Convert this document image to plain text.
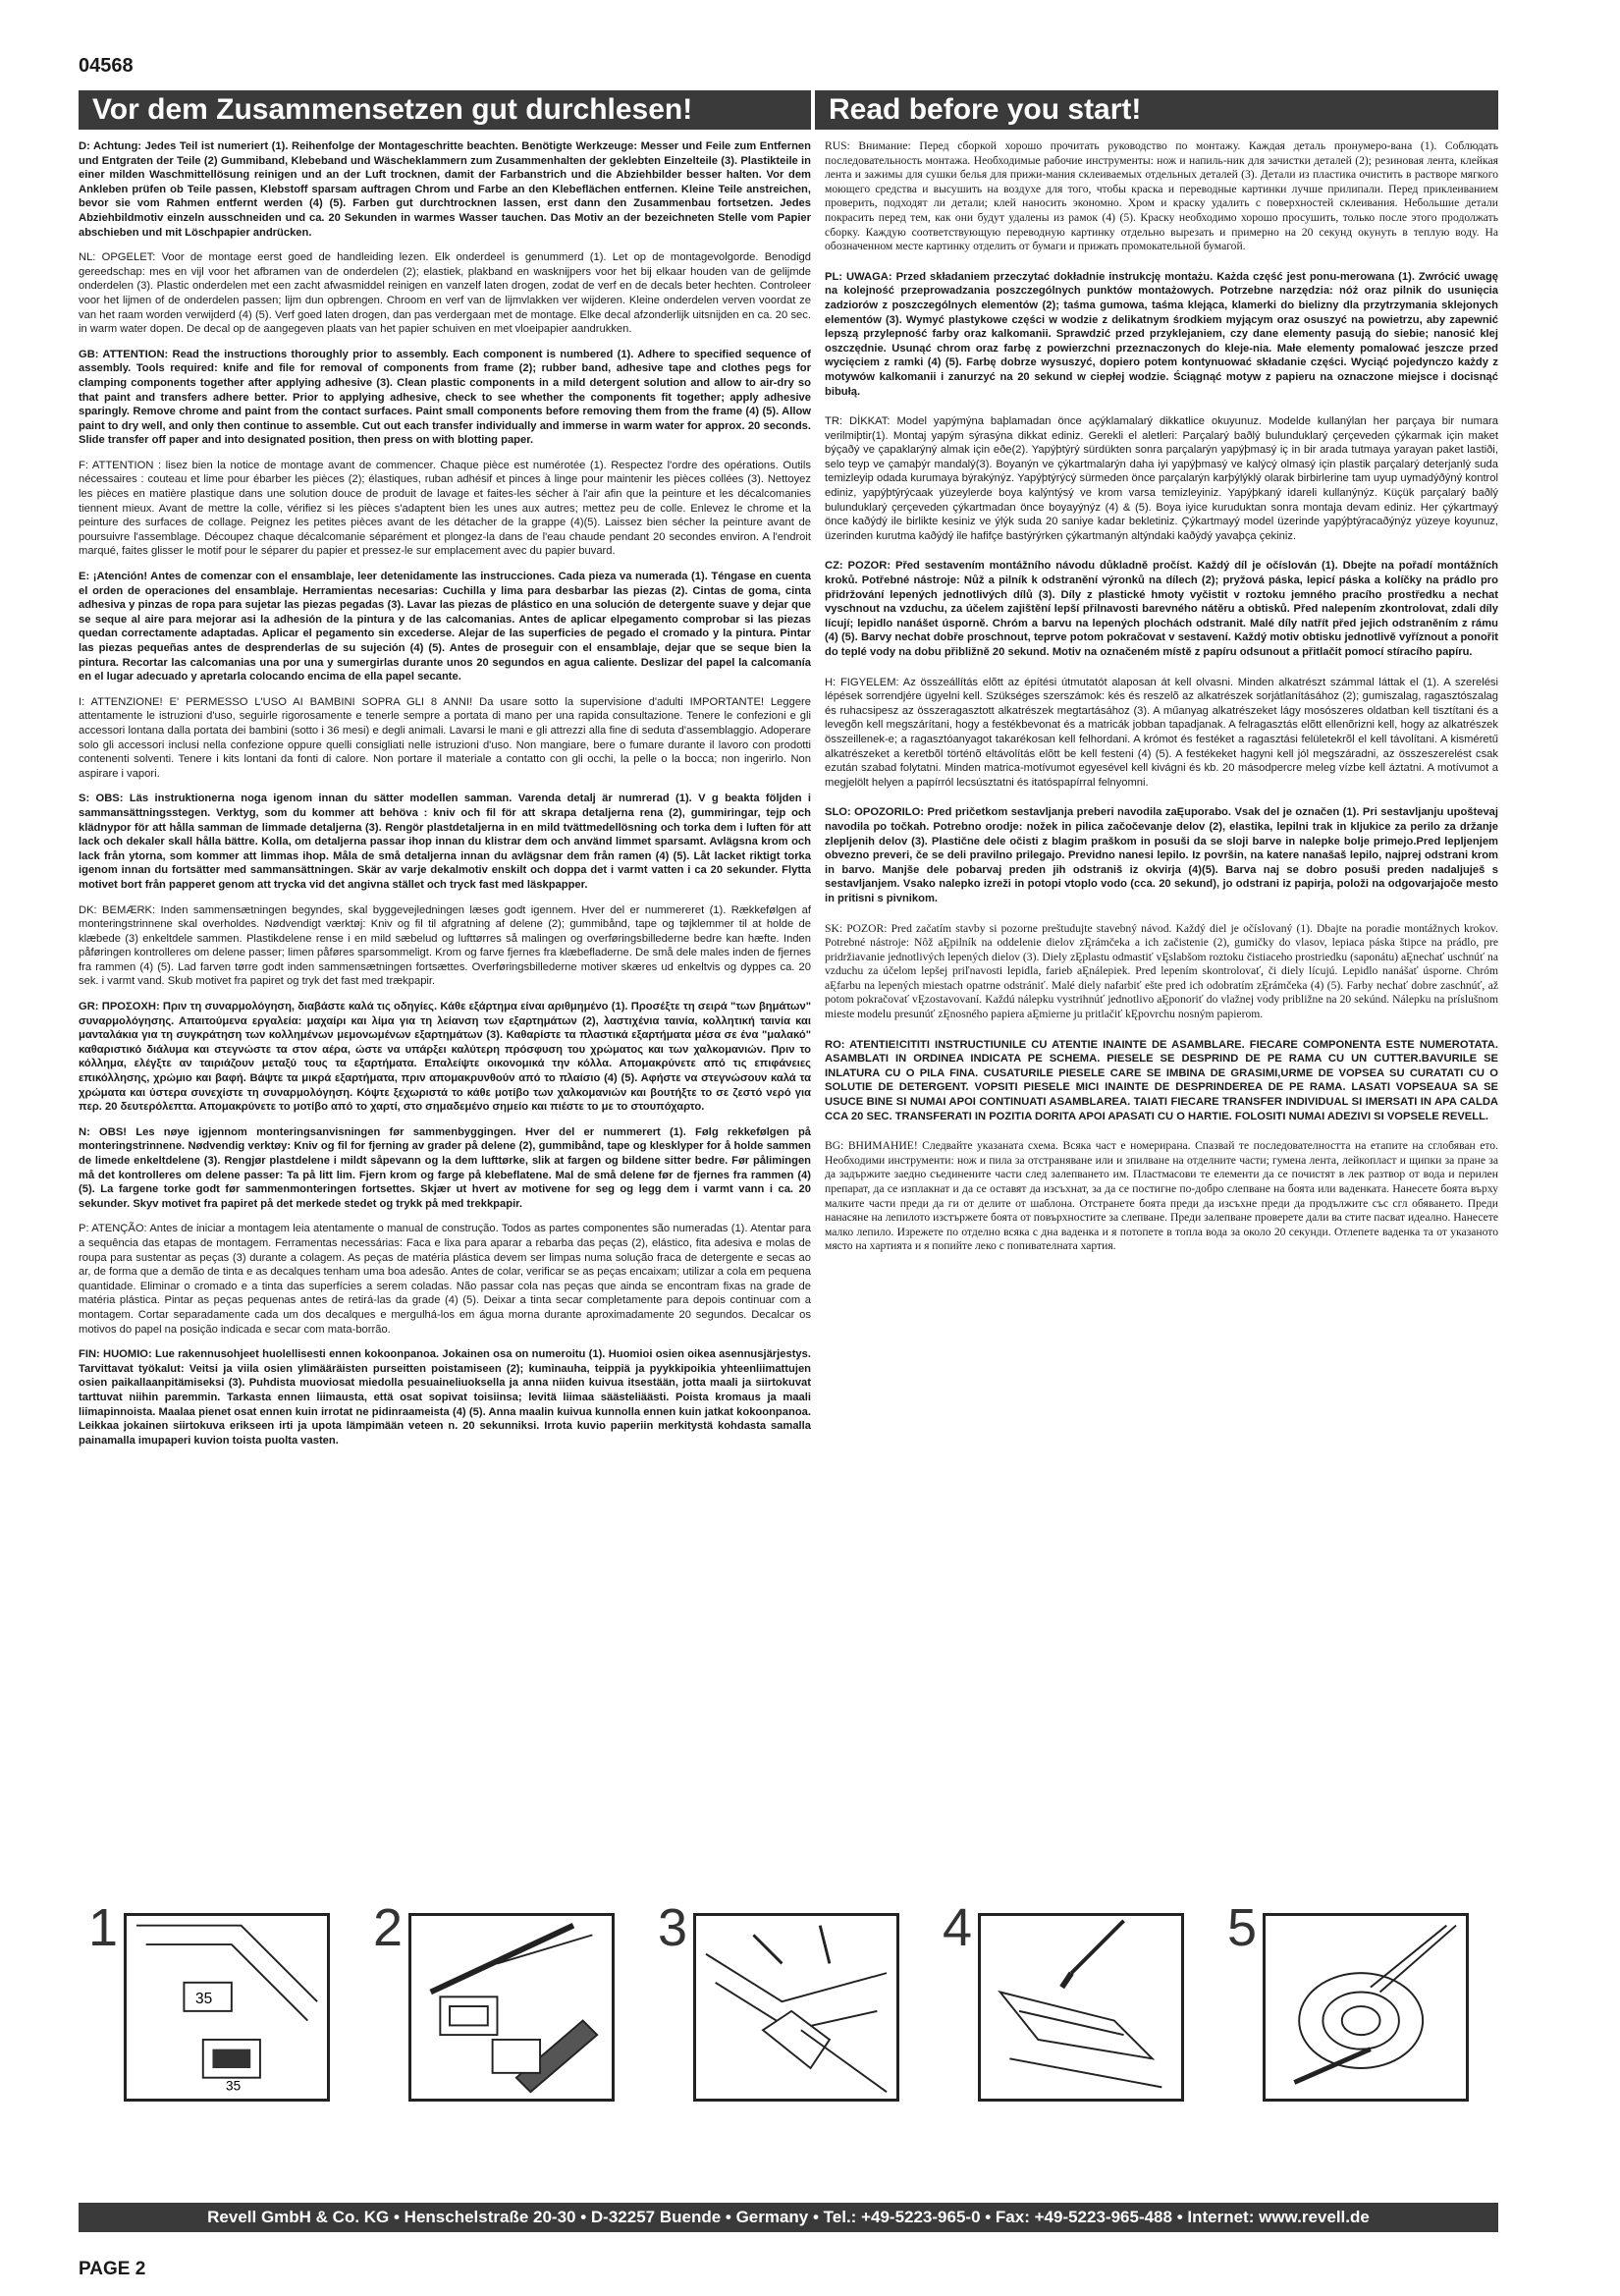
04568
Vor dem Zusammensetzen gut durchlesen!	Read before you start!

D: Achtung: Jedes Teil ist numeriert (1). Reihenfolge der Montageschritte beachten. Benötigte Werkzeuge: Messer und Feile zum Entfernen und Entgraten der Teile (2) Gummiband, Klebeband und Wäscheklammern zum Zusammenhalten der geklebten Einzelteile (3). Plastikteile in einer milden Waschmittellösung reinigen und an der Luft trocknen, damit der Farbanstrich und die Abziehbilder besser halten. Vor dem Ankleben prüfen ob Teile passen, Klebstoff sparsam auftragen Chrom und Farbe an den Klebeflächen entfernen. Kleine Teile anstreichen, bevor sie vom Rahmen entfernt werden (4) (5). Farben gut durchtrocknen lassen, erst dann den Zusammenbau fortsetzen. Jedes Abziehbildmotiv einzeln ausschneiden und ca. 20 Sekunden in warmes Wasser tauchen. Das Motiv an der bezeichneten Stelle vom Papier abschieben und mit Löschpapier andrücken.

NL: OPGELET: Voor de montage eerst goed de handleiding lezen. Elk onderdeel is genummerd (1). Let op de montagevolgorde. Benodigd gereedschap: mes en vijl voor het afbramen van de onderdelen (2); elastiek, plakband en wasknijpers voor het bij elkaar houden van de gelijmde onderdelen (3). Plastic onderdelen met een zacht afwasmiddel reinigen en vanzelf laten drogen, zodat de verf en de decals beter hechten. Controleer voor het lijmen of de onderdelen passen; lijm dun opbrengen. Chroom en verf van de lijmvlakken ver wijderen. Kleine onderdelen verven voordat ze van het raam worden verwijderd (4) (5). Verf goed laten drogen, dan pas verdergaan met de montage. Elke decal afzonderlijk uitsnijden en ca. 20 sec. in warm water dopen. De decal op de aangegeven plaats van het papier schuiven en met vloeipapier aandrukken.

GB: ATTENTION: Read the instructions thoroughly prior to assembly. Each component is numbered (1). Adhere to specified sequence of assembly. Tools required: knife and file for removal of components from frame (2); rubber band, adhesive tape and clothes pegs for clamping components together after applying adhesive (3). Clean plastic components in a mild detergent solution and allow to air-dry so that paint and transfers adhere better. Prior to applying adhesive, check to see whether the components fit together; apply adhesive sparingly. Remove chrome and paint from the contact surfaces. Paint small components before removing them from the frame (4) (5). Allow paint to dry well, and only then continue to assemble. Cut out each transfer individually and immerse in warm water for approx. 20 seconds. Slide transfer off paper and into designated position, then press on with blotting paper.

F: ATTENTION : lisez bien la notice de montage avant de commencer. Chaque pièce est numérotée (1). Respectez l'ordre des opérations. Outils nécessaires : couteau et lime pour ébarber les pièces (2); élastiques, ruban adhésif et pinces à linge pour maintenir les pièces collées (3). Nettoyez les pièces en matière plastique dans une solution douce de produit de lavage et faites-les sécher à l'air afin que la peinture et les décalcomanies tiennent mieux. Avant de mettre la colle, vérifiez si les pièces s'adaptent bien les unes aux autres; mettez peu de colle. Enlevez le chrome et la peinture des surfaces de collage. Peignez les petites pièces avant de les détacher de la grappe (4)(5). Laissez bien sécher la peinture avant de poursuivre l'assemblage. Découpez chaque décalcomanie séparément et plongez-la dans de l'eau chaude pendant 20 secondes environ. A l'endroit marqué, faites glisser le motif pour le séparer du papier et pressez-le sur emplacement avec du papier buvard.

E: ¡Atención! Antes de comenzar con el ensamblaje, leer detenidamente las instrucciones. Cada pieza va numerada (1). Téngase en cuenta el orden de operaciones del ensamblaje. Herramientas necesarias: Cuchilla y lima para desbarbar las piezas (2). Cintas de goma, cinta adhesiva y pinzas de ropa para sujetar las piezas pegadas (3). Lavar las piezas de plástico en una solución de detergente suave y dejar que se seque al aire para mejorar asi la adhesión de la pintura y de las calcomanias. Antes de aplicar elpegamento comprobar si las piezas quedan correctamente adaptadas. Aplicar el pegamento sin excederse. Alejar de las superficies de pegado el cromado y la pintura. Pintar las piezas pequeñas antes de desprenderlas de su sujeción (4) (5). Antes de proseguir con el ensamblaje, dejar que se seque bien la pintura. Recortar las calcomanias una por una y sumergirlas durante unos 20 segundos en agua caliente. Deslizar del papel la calcomanía en el lugar adecuado y apretarla colocando encima de ella papel secante.

I: ATTENZIONE! E' PERMESSO L'USO AI BAMBINI SOPRA GLI 8 ANNI! Da usare sotto la supervisione d'adulti IMPORTANTE! Leggere attentamente le istruzioni d'uso, seguirle rigorosamente e tenerle sempre a portata di mano per una rapida consultazione. Tenere le confezioni e gli accessori lontana dalla portata dei bambini (sotto i 36 mesi) e degli animali. Lavarsi le mani e gli attrezzi alla fine di seduta d'assemblaggio. Adoperare solo gli accessori inclusi nella confezione oppure quelli consigliati nelle istruzioni d'uso. Non mangiare, bere o fumare durante il lavoro con prodotti contenenti solventi. Tenere i kits lontani da fonti di calore. Non portare il materiale a contatto con gli occhi, la pelle o la bocca; non ingerirlo. Non aspirare i vapori.

S: OBS: Läs instruktionerna noga igenom innan du sätter modellen samman. Varenda detalj är numrerad (1). V g beakta följden i sammansättningsstegen. Verktyg, som du kommer att behöva : kniv och fil för att skrapa detaljerna rena (2), gummiringar, tejp och klädnypor för att hålla samman de limmade detaljerna (3). Rengör plastdetaljerna in en mild tvättmedellösning och torka dem i luften för att lack och dekaler skall hålla bättre. Kolla, om detaljerna passar ihop innan du klistrar dem och använd limmet sparsamt. Avlägsna krom och lack från ytorna, som kommer att limmas ihop. Måla de små detaljerna innan du avlägsnar dem från ramen (4) (5). Låt lacket riktigt torka igenom innan du fortsätter med sammansättningen. Skär av varje dekalmotiv enskilt och doppa det i varmt vatten i ca 20 sekunder. Flytta motivet bort från papperet genom att trycka vid det angivna stället och tryck fast med läskpapper.

DK: BEMÆRK: Inden sammensætningen begyndes, skal byggevejledningen læses godt igennem. Hver del er nummereret (1). Rækkefølgen af monteringstrinnene skal overholdes. Nødvendigt værktøj: Kniv og fil til afgratning af delene (2); gummibånd, tape og tøjklemmer til at holde de klæbede (3) enkeltdele sammen. Plastikdelene rense i en mild sæbelud og lufttørres så malingen og overføringsbillederne bedre kan hæfte. Inden påføringen kontrolleres om delene passer; limen påføres sparsommeligt. Krom og farve fjernes fra klæbefladerne. De små dele males inden de fjernes fra rammen (4) (5). Lad farven tørre godt inden sammensætningen fortsættes. Overføringsbillederne motiver skæres ud enkeltvis og dyppes ca. 20 sek. i varmt vand. Skub motivet fra papiret og tryk det fast med trækpapir.

GR: ΠΡΟΣΟΧΗ: Πριν τη συναρμολόγηση, διαβάστε καλά τις οδηγίες. Κάθε εξάρτημα είναι αριθμημένο (1). Προσέξτε τη σειρά "των βημάτων" συναρμολόγησης. Απαιτούμενα εργαλεία: μαχαίρι και λίμα για τη λείανση των εξαρτημάτων (2), λαστιχένια ταινία, κολλητική ταινία και μανταλάκια για τη συγκράτηση των κολλημένων μεμονωμένων εξαρτημάτων (3). Καθαρίστε τα πλαστικά εξαρτήματα μέσα σε ένα "μαλακό" καθαριστικό διάλυμα και στεγνώστε τα στον αέρα, ώστε να υπάρξει καλύτερη πρόσφυση του χρώματος και των χαλκομανιών. Πριν το κόλλημα, ελέγξτε αν ταιριάζουν μεταξύ τους τα εξαρτήματα. Επαλείψτε οικονομικά την κόλλα. Απομακρύνετε από τις επιφάνειες επικόλλησης, χρώμιο και βαφή. Βάψτε τα μικρά εξαρτήματα, πριν απομακρυνθούν από το πλαίσιο (4) (5). Αφήστε να στεγνώσουν καλά τα χρώματα και ύστερα συνεχίστε τη συναρμολόγηση. Κόψτε ξεχωριστά το κάθε μοτίβο των χαλκομανιών και βουτήξτε το σε ζεστό νερό για περ. 20 δευτερόλεπτα. Απομακρύνετε το μοτίβο από το χαρτί, στο σημαδεμένο σημείο και πιέστε το με το στουπόχαρτο.

N: OBS! Les nøye igjennom monteringsanvisningen før sammenbyggingen. Hver del er nummerert (1). Følg rekkefølgen på monteringstrinnene. Nødvendig verktøy: Kniv og fil for fjerning av grader på delene (2), gummibånd, tape og klesklyper for å holde sammen de limede enkeltdelene (3). Rengjør plastdelene i mildt såpevann og la dem lufttørke, slik at fargen og bildene sitter bedre. Før pålimingen må det kontrolleres om delene passer: Ta på litt lim. Fjern krom og farge på klebeflatene. Mal de små delene før de fjernes fra rammen (4) (5). La fargene torke godt før sammenmonteringen fortsettes. Skjær ut hvert av motivene for seg og legg dem i varmt vann i ca. 20 sekunder. Skyv motivet fra papiret på det merkede stedet og trykk på med trekkpapir.

P: ATENÇÃO: Antes de iniciar a montagem leia atentamente o manual de construção. Todos as partes componentes são numeradas (1). Atentar para a sequência das etapas de montagem. Ferramentas necessárias: Faca e lixa para aparar a rebarba das peças (2), elástico, fita adesiva e molas de roupa para sustentar as peças (3) durante a colagem. As peças de matéria plástica devem ser limpas numa solução fraca de detergente e secas ao ar, de forma que a demão de tinta e as decalques tenham uma boa adesão. Antes de colar, verificar se as peças encaixam; utilizar a cola em pequena quantidade. Eliminar o cromado e a tinta das superfícies a serem coladas. Não passar cola nas peças que ainda se encontram fixas na grade de matéria plástica. Pintar as peças pequenas antes de retirá-las da grade (4) (5). Deixar a tinta secar completamente para depois continuar com a montagem. Cortar separadamente cada um dos decalques e mergulhá-los em água morna durante aproximadamente 20 segundos. Decalcar os motivos do papel na posição indicada e secar com mata-borrão.

FIN: HUOMIO: Lue rakennusohjeet huolellisesti ennen kokoonpanoa. Jokainen osa on numeroitu (1). Huomioi osien oikea asennusjärjestys. Tarvittavat työkalut: Veitsi ja viila osien ylimääräisten purseitten poistamiseen (2); kuminauha, teippiä ja pyykkipoikia yhteenliimattujen osien paikallaanpitämiseksi (3). Puhdista muoviosat miedolla pesuaineliuoksella ja anna niiden kuivua itsestään, jotta maali ja siirtokuvat tarttuvat niihin paremmin. Tarkasta ennen liimausta, että osat sopivat toisiinsa; levitä liimaa säästeliäästi. Poista kromaus ja maali liimapinnoista. Maalaa pienet osat ennen kuin irrotat ne pidinraameista (4) (5). Anna maalin kuivua kunnolla ennen kuin jatkat kokoonpanoa. Leikkaa jokainen siirtokuva erikseen irti ja upota lämpimään veteen n. 20 sekunniksi. Irrota kuvio paperiin merkitystä kohdasta samalla painamalla imupaperi kuvion toista puolta vasten.

RUS: Внимание: Перед сборкой хорошо прочитать руководство по монтажу. Каждая деталь пронумеро-вана (1). Соблюдать последовательность монтажа. Необходимые рабочие инструменты: нож и напиль-ник для зачистки деталей (2); резиновая лента, клейкая лента и зажимы для сушки белья для прижи-мания склеиваемых отдельных деталей (3). Детали из пластика очистить в растворе мягкого моющего средства и высушить на воздухе для того, чтобы краска и переводные картинки лучше прилипали. Перед приклеиванием проверить, подходят ли детали; клей наносить экономно. Хром и краску удалить с поверхностей склеивания. Небольшие детали покрасить перед тем, как они будут удалены из рамок (4) (5). Краску необходимо хорошо просушить, только после этого продолжать сборку. Каждую соответствующую переводную картинку отдельно вырезать и примерно на 20 секунд окунуть в теплую воду. На обозначенном месте картинку отделить от бумаги и прижать промокательной бумагой.

PL: UWAGA: Przed składaniem przeczytać dokładnie instrukcję montażu. Każda część jest ponu-merowana (1). Zwrócić uwagę na kolejność przeprowadzania poszczególnych punktów montażowych. Potrzebne narzędzia: nóż oraz pilnik do usunięcia zadziorów z poszczególnych elementów (2); taśma gumowa, taśma klejąca, klamerki do bielizny dla przytrzymania sklejonych elementów (3). Wymyć plastykowe części w wodzie z delikatnym środkiem myjącym oraz osuszyć na powietrzu, aby zapewnić lepszą przylepność farby oraz kalkomanii. Sprawdzić przed przyklejaniem, czy dane elementy pasują do siebie; nanosić klej oszczędnie. Usunąć chrom oraz farbę z powierzchni przeznaczonych do kleje-nia. Małe elementy pomalować jeszcze przed wycięciem z ramki (4) (5). Farbę dobrze wysuszyć, dopiero potem kontynuować składanie części. Wyciąć pojedynczo każdy z motywów kalkomanii i zanurzyć na 20 sekund w ciepłej wodzie. Ściągnąć motyw z papieru na oznaczone miejsce i docisnąć bibułą.

TR: DİKKAT: Model yapýmýna baþlamadan önce açýklamalarý dikkatlice okuyunuz. Modelde kullanýlan her parçaya bir numara verilmiþtir(1). Montaj yapým sýrasýna dikkat ediniz. Gerekli el aletleri: Parçalarý baðlý bulunduklarý çerçeveden çýkarmak için maket býçaðý ve çapaklarýný almak için eðe(2). Yapýþtýrý sürdükten sonra parçalarýn yapýþmasý iç in bir arada tutmaya yarayan paket lastiði, selo teyp ve çamaþýr mandalý(3). Boyanýn ve çýkartmalarýn daha iyi yapýþmasý ve kalýcý olmasý için plastik parçalarý deterjanlý suda temizleyip odada kurumaya býrakýnýz. Yapýþtýrýcý sürmeden önce parçalarýn karþýlýklý olarak birbirlerine tam uyup uymadýðýný kontrol ediniz, yapýþtýrýcaak yüzeylerde boya kalýntýsý ve krom varsa temizleyiniz. Yapýþkaný idareli kullanýnýz. Küçük parçalarý baðlý bulunduklarý çerçeveden çýkartmadan önce boyayýnýz (4) & (5). Boya iyice kuruduktan sonra montaja devam ediniz. Her çýkartmayý önce kaðýdý ile birlikte kesiniz ve ýlýk suda 20 saniye kadar bekletiniz. Çýkartmayý model üzerinde yapýþtýracaðýnýz yüzeye koyunuz, üzerinden kurutma kaðýdý ile hafifçe bastýrýrken çýkartmanýn altýndaki kaðýdý yavaþça çekiniz.

CZ: POZOR: Před sestavením montážního návodu důkladně pročíst. Každý díl je očíslován (1). Dbejte na pořadí montážních kroků. Potřebné nástroje: Nůž a pilník k odstranění výronků na dílech (2); pryžová páska, lepicí páska a kolíčky na prádlo pro přidržování lepených jednotlivých dílů (3). Díly z plastické hmoty vyčistit v roztoku jemného pracího prostředku a nechat vyschnout na vzduchu, za účelem zajištění lepší přilnavosti barevného nátěru a obtisků. Před nalepením zkontrolovat, zdali díly lícují; lepidlo nanášet úsporně. Chróm a barvu na lepených plochách odstranit. Malé díly natřít před jejich odstraněním z rámu (4) (5). Barvy nechat dobře proschnout, teprve potom pokračovat v sestavení. Každý motiv obtisku jednotlivě vyříznout a ponořit do teplé vody na dobu přibližně 20 sekund. Motiv na označeném místě z papíru odsunout a přitlačit pomocí stíracího papíru.

H: FIGYELEM: Az összeállítás elõtt az építési útmutatót alaposan át kell olvasni. Minden alkatrészt számmal láttak el (1). A szerelési lépések sorrendjére ügyelni kell. Szükséges szerszámok: kés és reszelõ az alkatrészek sorjátlanításához (2); gumiszalag, ragasztószalag és ruhacsipesz az összeragasztott alkatrészek megtartásához (3). A műanyag alkatrészeket lágy mosószeres oldatban kell tisztítani és a levegõn kell megszárítani, hogy a festékbevonat és a matricák jobban tapadjanak. A felragasztás elõtt ellenõrizni kell, hogy az alkatrészek összeillenek-e; a ragasztóanyagot takarékosan kell felhordani. A krómot és festéket a ragasztási felületekrõl el kell távolítani. A kisméretű alkatrészeket a keretbõl történõ eltávolítás elõtt be kell festeni (4) (5). A festékeket hagyni kell jól megszáradni, az összeszerelést csak ezután szabad folytatni. Minden matrica-motívumot egyesével kell kivágni és kb. 20 másodpercre meleg vízbe kell áztatni. A motívumot a megjelölt helyen a papírról lecsúsztatni és itatóspapírral felnyomni.

SLO: OPOZORILO: Pred pričetkom sestavljanja preberi navodila zaĘuporabo. Vsak del je označen (1). Pri sestavljanju upoštevaj navodila po točkah. Potrebno orodje: nožek in pilica začočevanje delov (2), elastika, lepilni trak in kljukice za perilo za držanje zlepljenih delov (3). Plastične dele očisti z blagim praškom in posuši da se sloji barve in nalepke bolje primejo.Pred lepljenjem obvezno preveri, če se deli pravilno prilegajo. Previdno nanesi lepilo. Iz površin, na katere nanašaš lepilo, najprej odstrani krom in barvo. Manjše dele pobarvaj preden jih odstraniš iz okvirja (4)(5). Barva naj se dobro posuši preden nadaljuješ s sestavljanjem. Vsako nalepko izreži in potopi vtoplo vodo (cca. 20 sekund), jo odstrani iz papirja, položi na odgovarjajoče mesto in pritisni s pivnikom.

SK: POZOR: Pred začatím stavby si pozorne preštudujte stavebný návod. Každý diel je očíslovaný (1). Dbajte na poradie montážnych krokov. Potrebné nástroje: Nôž aĘpilník na oddelenie dielov zĘrámčeka a ich začistenie (2), gumičky do vlasov, lepiaca páska štipce na prádlo, pre pridržiavanie jednotlivých lepených dielov (3). Diely zĘplastu odmastiť vĘslabšom roztoku čistiaceho prostriedku (saponátu) aĘnechať uschnúť na vzduchu za účelom lepšej priľnavosti lepidla, farieb aĘnálepiek. Pred lepením skontrolovať, či diely lícujú. Lepidlo nanášať úsporne. Chróm aĘfarbu na lepených miestach opatrne odstrániť. Malé diely nafarbiť ešte pred ich odobratím zĘrámčeka (4) (5). Farby nechať dobre zaschnúť, až potom pokračovať vĘzostavovaní. Každú nálepku vystrihnúť jednotlivo aĘponoriť do vlažnej vody približne na 20 sekúnd. Nálepku na príslušnom mieste modelu presunúť zĘnosného papiera aĘmierne ju pritlačiť kĘpovrchu nosným papierom.

RO: ATENTIE!CITITI INSTRUCTIUNILE CU ATENTIE INAINTE DE ASAMBLARE. FIECARE COMPONENTA ESTE NUMEROTATA. ASAMBLATI IN ORDINEA INDICATA PE SCHEMA. PIESELE SE DESPRIND DE PE RAMA CU UN CUTTER.BAVURILE SE INLATURA CU O PILA FINA. CUSATURILE PIESELE CARE SE IMBINA DE GRASIMI,URME DE VOPSEA SU CURATATI CU O SOLUTIE DE DETERGENT. VOPSITI PIESELE MICI INAINTE DE DESPRINDEREA DE PE RAMA. LASATI VOPSEAUA SA SE USUCE BINE SI NUMAI APOI CONTINUATI ASAMBLAREA. TAIATI FIECARE TRANSFER INDIVIDUAL SI IMERSATI IN APA CALDA CCA 20 SEC. TRANSFERATI IN POZITIA DORITA APOI APASATI CU O HARTIE. FOLOSITI NUMAI ADEZIVI SI VOPSELE REVELL.

BG: ВНИМАНИЕ! Следвайте указаната схема. Всяка част е номерирана. Спазвай те последователността на етапите на сглобяван ето. Необходими инструменти: нож и пила за отстраняване или и зпилване на отделните части; гумена лента, лейкопласт и щипки за пране за да задържите заедно съединените части след залепването им. Пластмасови те елементи да се почистят в лек разтвор от вода и перилен препарат, да се изплакнат и да се оставят да изсъхнат, за да се постигне по-добро слепване на боята или ваденката. Нанесете боята върху малките части преди да ги от делите от шаблона. Отстранете боята преди да изсъхне преди да продължите със сгл обяването. Преди нанасяне на лепилото изстържете боята от повърхностите за слепване. Преди залепване проверете дали ва стите пасват идеално. Нанесете малко лепило. Изрежете по отделно всяка с дна ваденка и я потопете в топла вода за около 20 секунди. Отлепете ваденка та от указаното място на хартията и я попийте леко с попивателната хартия.

1
35
35
2	3	4	5
Revell GmbH & Co. KG • Henschelstraße 20-30 • D-32257 Buende • Germany • Tel.: +49-5223-965-0 • Fax: +49-5223-965-488 • Internet: www.revell.de
PAGE 2
